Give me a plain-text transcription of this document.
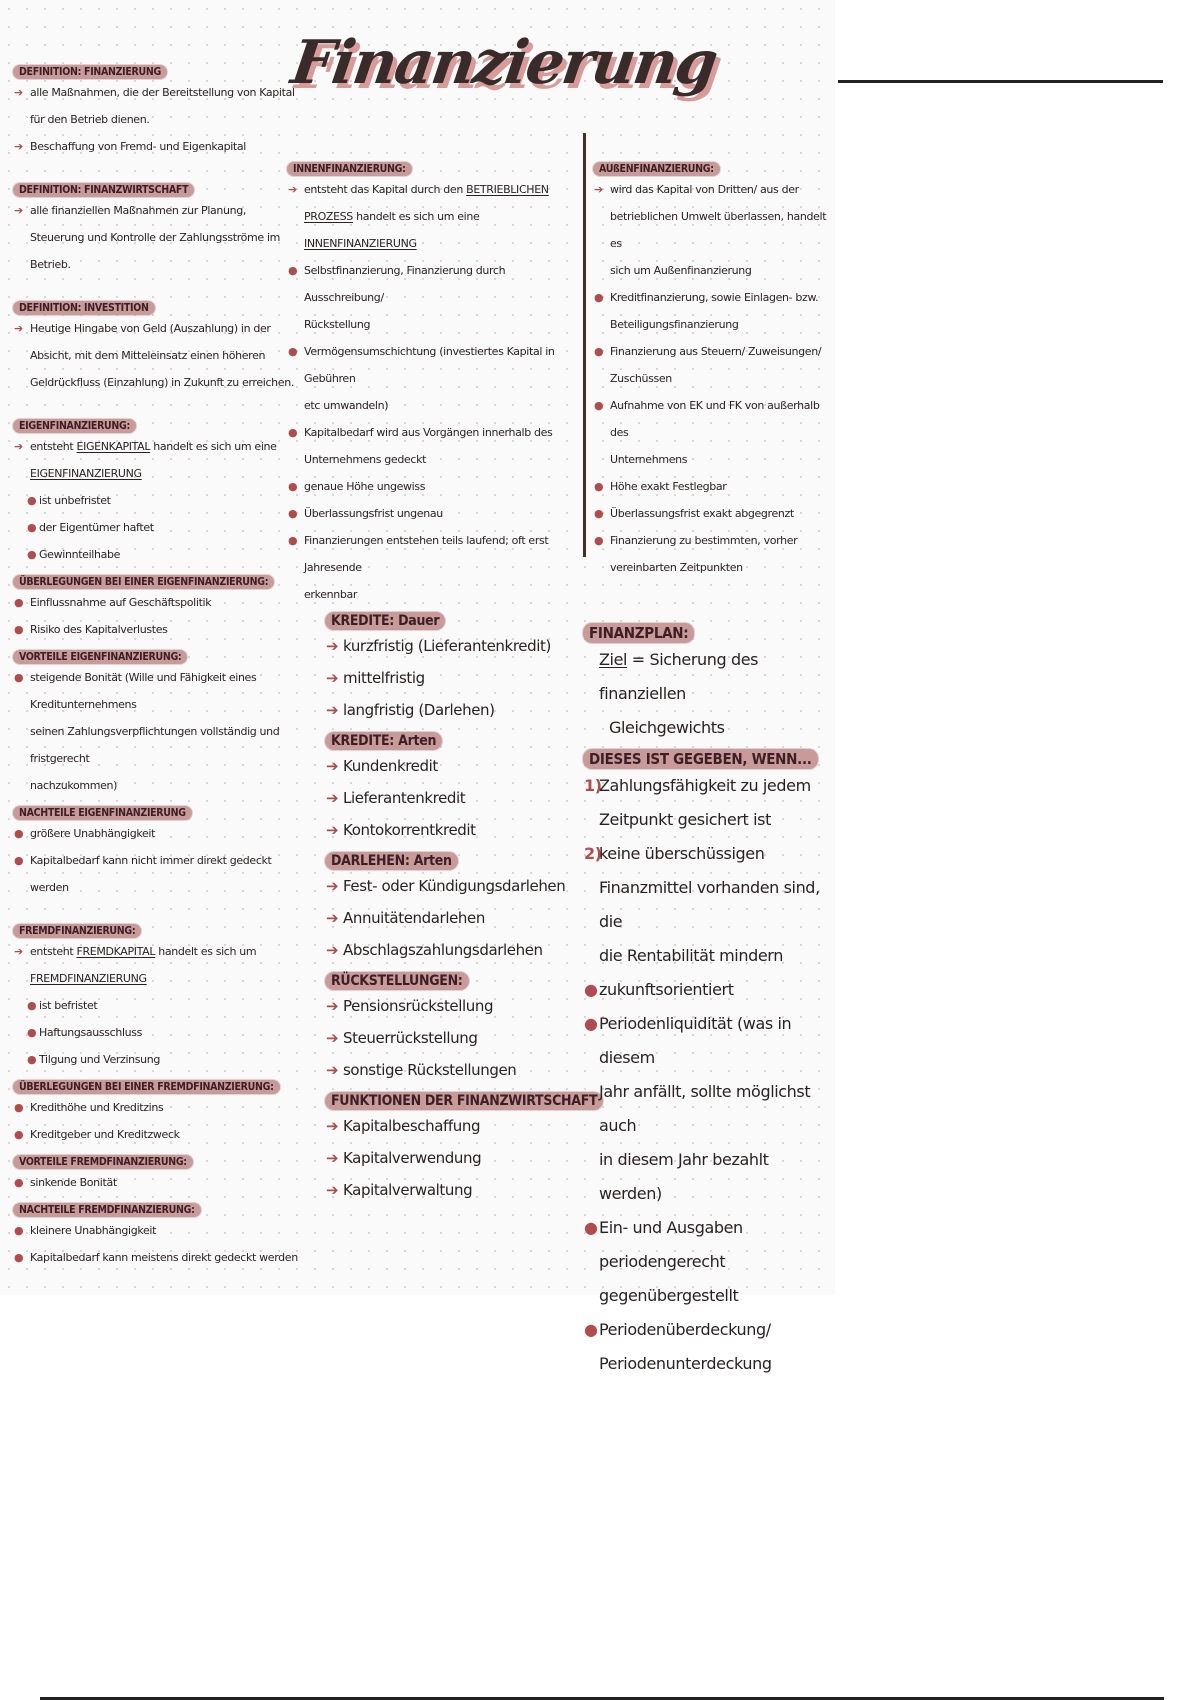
Finanzierung
DEFINITION: FINANZIERUNG
➔ alle Maßnahmen, die der Bereitstellung von Kapital
für den Betrieb dienen.
➔ Beschaffung von Fremd- und Eigenkapital
DEFINITION: FINANZWIRTSCHAFT
➔ alle finanziellen Maßnahmen zur Planung,
Steuerung und Kontrolle der Zahlungsströme im
Betrieb.
DEFINITION: INVESTITION
➔ Heutige Hingabe von Geld (Auszahlung) in der
Absicht, mit dem Mitteleinsatz einen höheren
Geldrückfluss (Einzahlung) in Zukunft zu erreichen.
EIGENFINANZIERUNG:
➔ entsteht EIGENKAPITAL handelt es sich um eine
EIGENFINANZIERUNG
● ist unbefristet
● der Eigentümer haftet
● Gewinnteilhabe
ÜBERLEGUNGEN BEI EINER EIGENFINANZIERUNG:
● Einflussnahme auf Geschäftspolitik
● Risiko des Kapitalverlustes
VORTEILE EIGENFINANZIERUNG:
● steigende Bonität (Wille und Fähigkeit eines Kreditunternehmens
seinen Zahlungsverpflichtungen vollständig und fristgerecht
nachzukommen)
NACHTEILE EIGENFINANZIERUNG
● größere Unabhängigkeit
● Kapitalbedarf kann nicht immer direkt gedeckt werden
FREMDFINANZIERUNG:
➔ entsteht FREMDKAPITAL handelt es sich um
FREMDFINANZIERUNG
● ist befristet
● Haftungsausschluss
● Tilgung und Verzinsung
ÜBERLEGUNGEN BEI EINER FREMDFINANZIERUNG:
● Kredithöhe und Kreditzins
● Kreditgeber und Kreditzweck
VORTEILE FREMDFINANZIERUNG:
● sinkende Bonität
NACHTEILE FREMDFINANZIERUNG:
● kleinere Unabhängigkeit
● Kapitalbedarf kann meistens direkt gedeckt werden
INNENFINANZIERUNG:
➔ entsteht das Kapital durch den BETRIEBLICHEN
PROZESS handelt es sich um eine INNENFINANZIERUNG
● Selbstfinanzierung, Finanzierung durch Ausschreibung/
Rückstellung
● Vermögensumschichtung (investiertes Kapital in Gebühren
etc umwandeln)
● Kapitalbedarf wird aus Vorgängen innerhalb des
Unternehmens gedeckt
● genaue Höhe ungewiss
● Überlassungsfrist ungenau
● Finanzierungen entstehen teils laufend; oft erst Jahresende
erkennbar
AUßENFINANZIERUNG:
➔ wird das Kapital von Dritten/ aus der
betrieblichen Umwelt überlassen, handelt es
sich um Außenfinanzierung
● Kreditfinanzierung, sowie Einlagen- bzw.
Beteiligungsfinanzierung
● Finanzierung aus Steuern/ Zuweisungen/
Zuschüssen
● Aufnahme von EK und FK von außerhalb des
Unternehmens
● Höhe exakt Festlegbar
● Überlassungsfrist exakt abgegrenzt
● Finanzierung zu bestimmten, vorher
vereinbarten Zeitpunkten
KREDITE: Dauer
➔ kurzfristig (Lieferantenkredit)
➔ mittelfristig
➔ langfristig (Darlehen)
KREDITE: Arten
➔ Kundenkredit
➔ Lieferantenkredit
➔ Kontokorrentkredit
DARLEHEN: Arten
➔ Fest- oder Kündigungsdarlehen
➔ Annuitätendarlehen
➔ Abschlagszahlungsdarlehen
RÜCKSTELLUNGEN:
➔ Pensionsrückstellung
➔ Steuerrückstellung
➔ sonstige Rückstellungen
FUNKTIONEN DER FINANZWIRTSCHAFT
➔ Kapitalbeschaffung
➔ Kapitalverwendung
➔ Kapitalverwaltung
FINANZPLAN:
Ziel = Sicherung des finanziellen
Gleichgewichts
DIESES IST GEGEBEN, WENN...
1)
Zahlungsfähigkeit zu jedem
Zeitpunkt gesichert ist
2)
keine überschüssigen
Finanzmittel vorhanden sind, die
die Rentabilität mindern
● zukunftsorientiert
● Periodenliquidität (was in diesem
Jahr anfällt, sollte möglichst auch
in diesem Jahr bezahlt werden)
● Ein- und Ausgaben periodengerecht
gegenübergestellt
● Periodenüberdeckung/
Periodenunterdeckung
